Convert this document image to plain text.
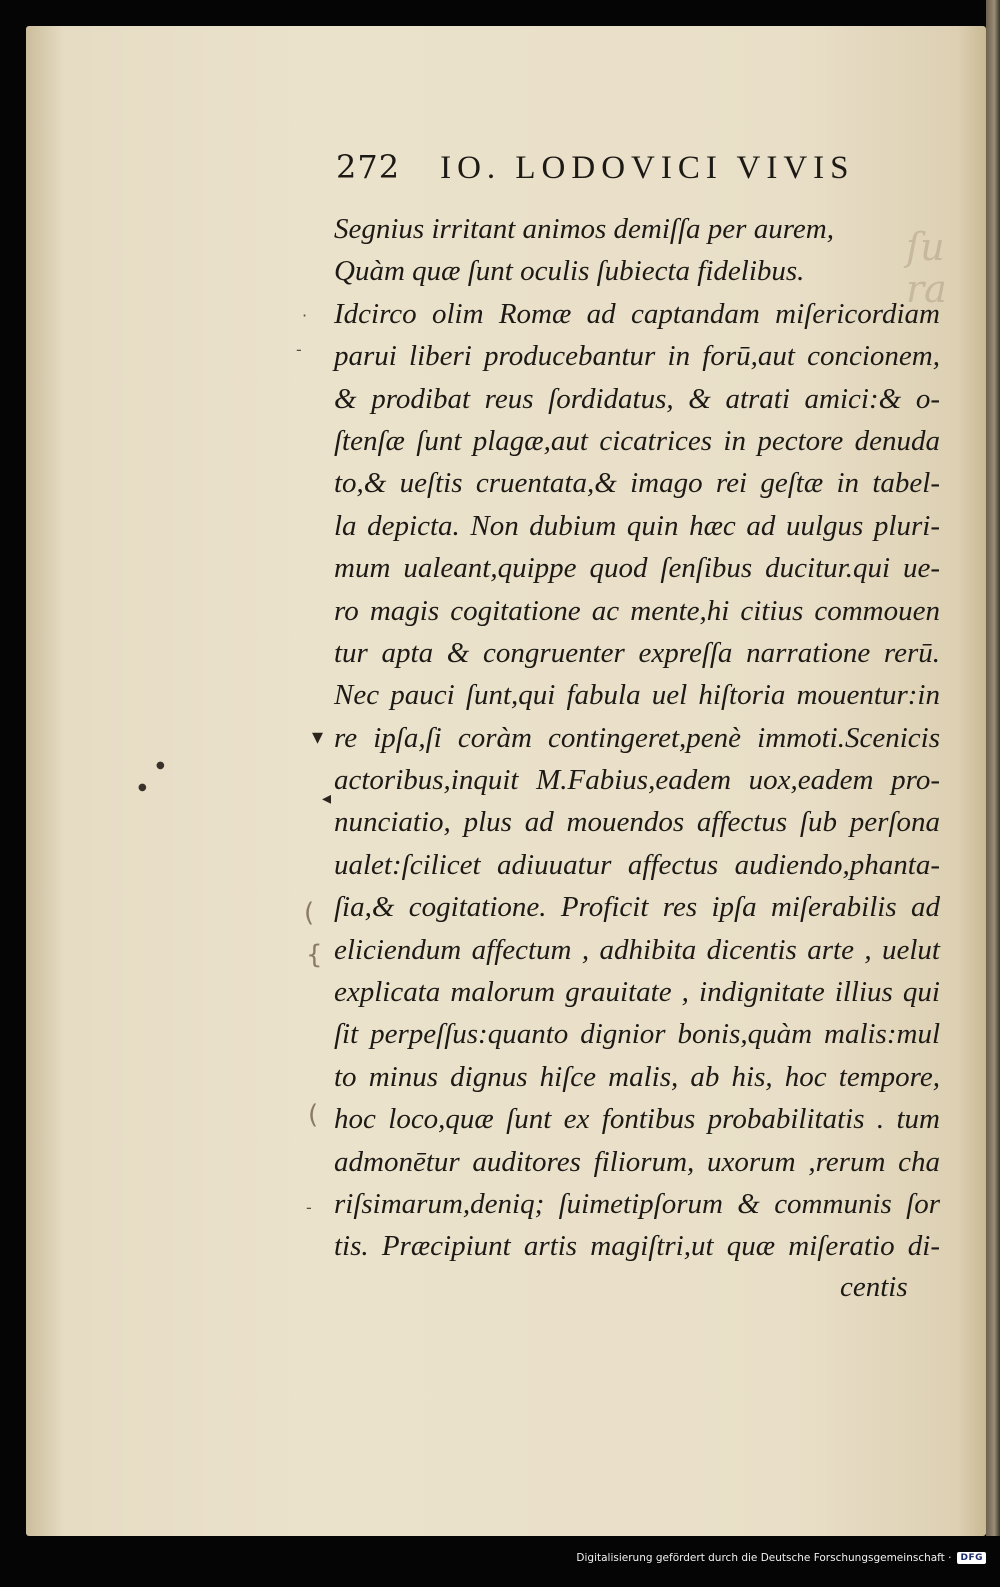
ſu
ra
272 IO. LODOVICI VIVIS
Segnius irritant animos demiſſa per aurem,
Quàm quæ ſunt oculis ſubiecta fidelibus.
Idcirco olim Romæ ad captandam miſericordiam
parui liberi producebantur in forū,aut concionem,
& prodibat reus ſordidatus, & atrati amici:& o-
ſtenſæ ſunt plagæ,aut cicatrices in pectore denuda
to,& ueſtis cruentata,& imago rei geſtæ in tabel-
la depicta. Non dubium quin hæc ad uulgus pluri-
mum ualeant,quippe quod ſenſibus ducitur.qui ue-
ro magis cogitatione ac mente,hi citius commouen
tur apta & congruenter expreſſa narratione rerū.
Nec pauci ſunt,qui fabula uel hiſtoria mouentur:in
re ipſa,ſi coràm contingeret,penè immoti.Scenicis
actoribus,inquit M.Fabius,eadem uox,eadem pro-
nunciatio, plus ad mouendos affectus ſub perſona
ualet:ſcilicet adiuuatur affectus audiendo,phanta-
ſia,& cogitatione. Proficit res ipſa miſerabilis ad
eliciendum affectum , adhibita dicentis arte , uelut
explicata malorum grauitate , indignitate illius qui
ſit perpeſſus:quanto dignior bonis,quàm malis:mul
to minus dignus hiſce malis, ab his, hoc tempore,
hoc loco,quæ ſunt ex fontibus probabilitatis . tum
admonētur auditores filiorum, uxorum ,rerum cha
riſsimarum,deniq; ſuimetipſorum & communis ſor
tis. Præcipiunt artis magiſtri,ut quæ miſeratio di-
centis
·
-
▾
●
●
◂
(
{
(
-
Digitalisierung gefördert durch die Deutsche Forschungsgemeinschaft ·	DFG
